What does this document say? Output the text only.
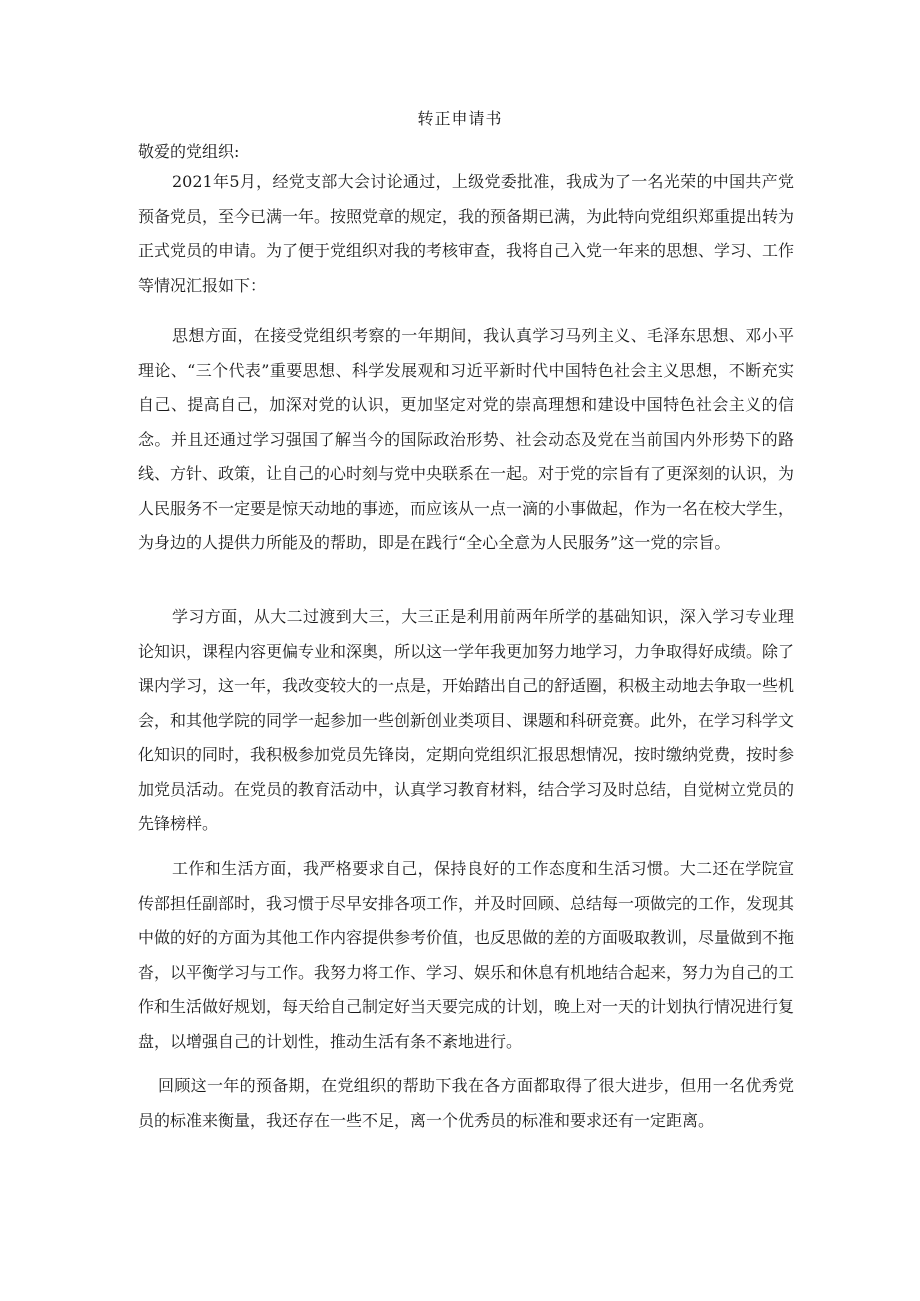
转正申请书
敬爱的党组织:

2021年5月，经党支部大会讨论通过，上级党委批准，我成为了一名光荣的中国共产党预备党员，至今已满一年。按照党章的规定，我的预备期已满，为此特向党组织郑重提出转为正式党员的申请。为了便于党组织对我的考核审查，我将自己入党一年来的思想、学习、工作等情况汇报如下：

思想方面，在接受党组织考察的一年期间，我认真学习马列主义、毛泽东思想、邓小平理论、“三个代表”重要思想、科学发展观和习近平新时代中国特色社会主义思想，不断充实自己、提高自己，加深对党的认识，更加坚定对党的崇高理想和建设中国特色社会主义的信念。并且还通过学习强国了解当今的国际政治形势、社会动态及党在当前国内外形势下的路线、方针、政策，让自己的心时刻与党中央联系在一起。对于党的宗旨有了更深刻的认识，为人民服务不一定要是惊天动地的事迹，而应该从一点一滴的小事做起，作为一名在校大学生，为身边的人提供力所能及的帮助，即是在践行“全心全意为人民服务”这一党的宗旨。

学习方面，从大二过渡到大三，大三正是利用前两年所学的基础知识，深入学习专业理论知识，课程内容更偏专业和深奥，所以这一学年我更加努力地学习，力争取得好成绩。除了课内学习，这一年，我改变较大的一点是，开始踏出自己的舒适圈，积极主动地去争取一些机会，和其他学院的同学一起参加一些创新创业类项目、课题和科研竞赛。此外，在学习科学文化知识的同时，我积极参加党员先锋岗，定期向党组织汇报思想情况，按时缴纳党费，按时参加党员活动。在党员的教育活动中，认真学习教育材料，结合学习及时总结，自觉树立党员的先锋榜样。

工作和生活方面，我严格要求自己，保持良好的工作态度和生活习惯。大二还在学院宣传部担任副部时，我习惯于尽早安排各项工作，并及时回顾、总结每一项做完的工作，发现其中做的好的方面为其他工作内容提供参考价值，也反思做的差的方面吸取教训，尽量做到不拖沓，以平衡学习与工作。我努力将工作、学习、娱乐和休息有机地结合起来，努力为自己的工作和生活做好规划，每天给自己制定好当天要完成的计划，晚上对一天的计划执行情况进行复盘，以增强自己的计划性，推动生活有条不紊地进行。

回顾这一年的预备期，在党组织的帮助下我在各方面都取得了很大进步，但用一名优秀党员的标准来衡量，我还存在一些不足，离一个优秀员的标准和要求还有一定距离。
